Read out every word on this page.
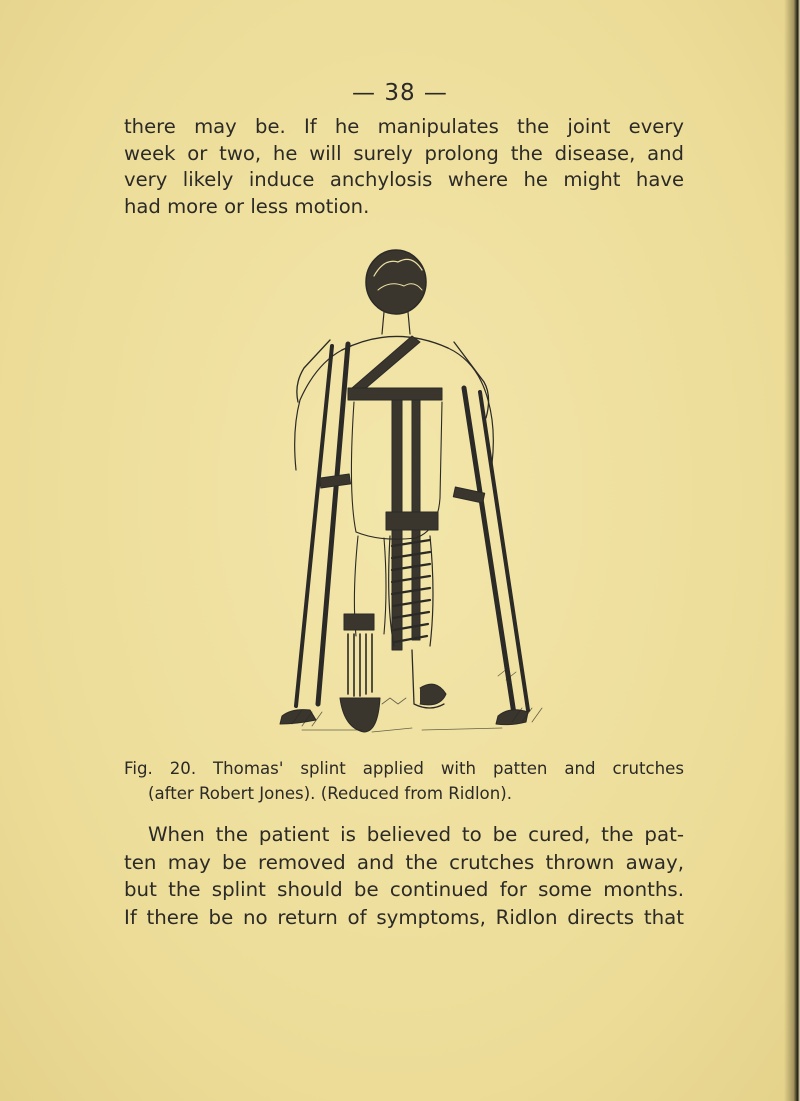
— 38 —

there may be. If he manipulates the joint every
week or two, he will surely prolong the disease, and
very likely induce anchylosis where he might have
had more or less motion.

Fig. 20. Thomas' splint applied with patten and crutches
(after Robert Jones). (Reduced from Ridlon).

When the patient is believed to be cured, the pat-
ten may be removed and the crutches thrown away,
but the splint should be continued for some months.
If there be no return of symptoms, Ridlon directs that
